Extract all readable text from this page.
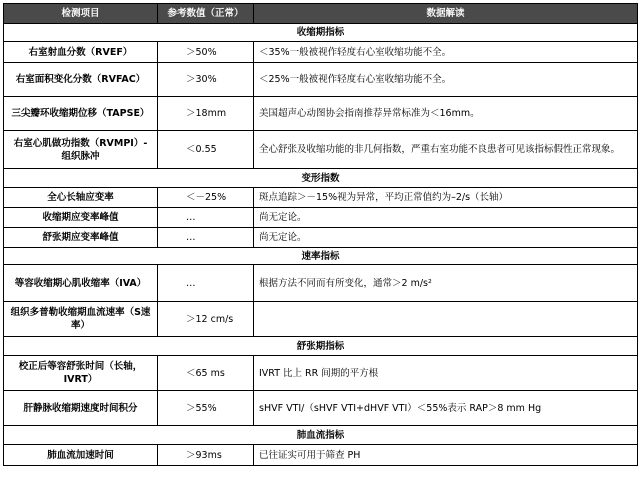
检测项目	参考数值（正常）	数据解读
收缩期指标		
右室射血分数（RVEF）	＞50%	＜35%一般被视作轻度右心室收缩功能不全。
右室面积变化分数（RVFAC）	＞30%	＜25%一般被视作轻度右心室收缩功能不全。
三尖瓣环收缩期位移（TAPSE）	＞18mm	美国超声心动图协会指南推荐异常标准为＜16mm。
右室心肌做功指数（RVMPI）-组织脉冲	＜0.55	全心舒张及收缩功能的非几何指数，严重右室功能不良患者可见该指标假性正常现象。
变形指数		
全心长轴应变率	＜－25%	斑点追踪＞－15%视为异常，平均正常值约为–2/s（长轴）
收缩期应变率峰值	…	尚无定论。
舒张期应变率峰值	…	尚无定论。
速率指标		
等容收缩期心肌收缩率（IVA）	…	根据方法不同而有所变化，通常＞2 m/s²
组织多普勒收缩期血流速率（S速率）	＞12 cm/s	
舒张期指标		
校正后等容舒张时间（长轴，IVRT）	＜65 ms	IVRT 比上 RR 间期的平方根
肝静脉收缩期速度时间积分	＞55%	sHVF VTI/（sHVF VTI+dHVF VTI）＜55%表示 RAP＞8 mm Hg
肺血流指标		
肺血流加速时间	＞93ms	已往证实可用于筛查 PH
